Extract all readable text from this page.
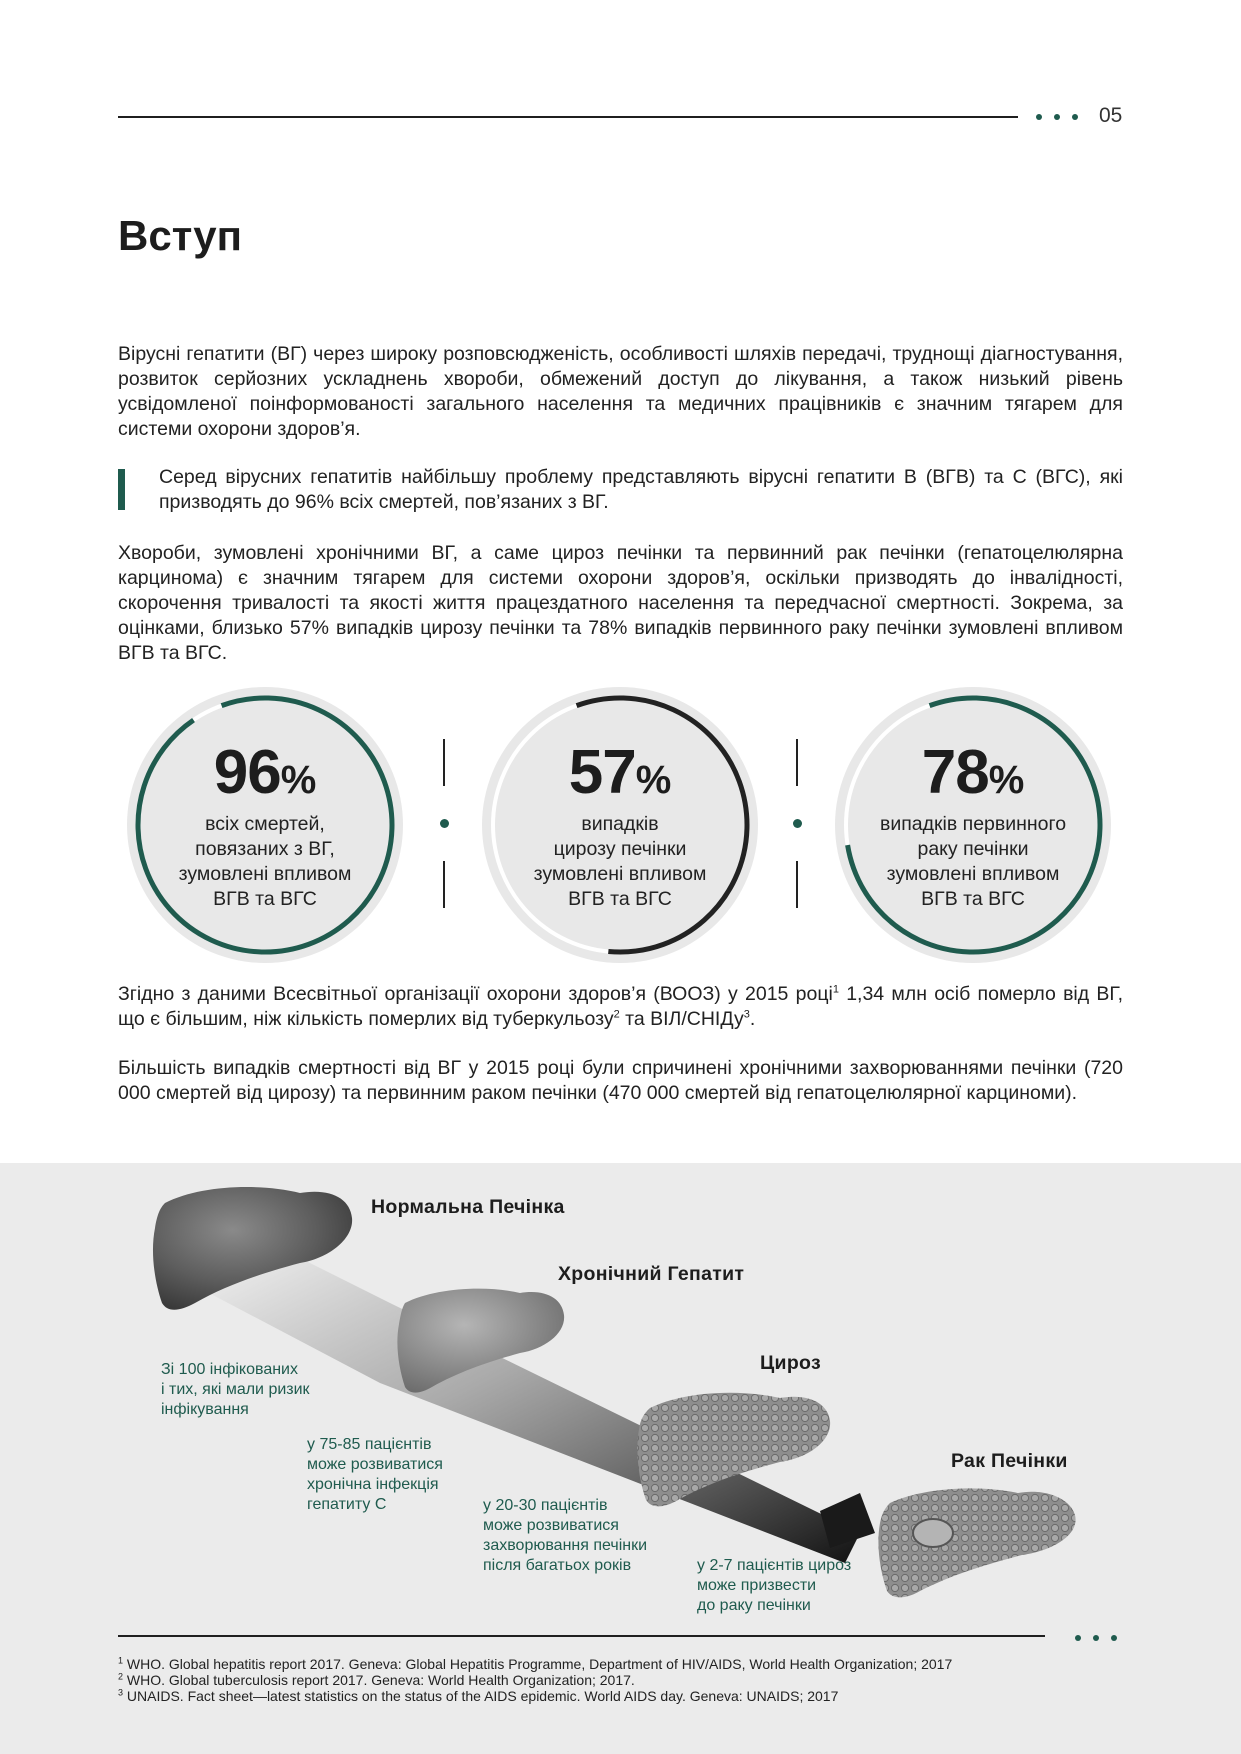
05
Вступ

Вірусні гепатити (ВГ) через широку розповсюдженість, особливості шляхів передачі, труднощі діагностування, розвиток серйозних ускладнень хвороби, обмежений доступ до лікування, а також низький рівень усвідомленої поінформованості загального населення та медичних працівників є значним тягарем для системи охорони здоров’я.

Серед вірусних гепатитів найбільшу проблему представляють вірусні гепатити В (ВГВ) та С (ВГС), які призводять до 96% всіх смертей, пов’язаних з ВГ.

Хвороби, зумовлені хронічними ВГ, а саме цироз печінки та первинний рак печінки (гепатоцелюлярна карцинома) є значним тягарем для системи охорони здоров’я, оскільки призводять до інвалідності, скорочення тривалості та якості життя працездатного населення та передчасної смертності. Зокрема, за оцінками, близько 57% випадків цирозу печінки та 78% випадків первинного раку печінки зумовлені впливом ВГВ та ВГС.

96%
всіх смертей,
повязаних з ВГ,
зумовлені впливом
ВГВ та ВГС
57%
випадків
цирозу печінки
зумовлені впливом
ВГВ та ВГС
78%
випадків первинного
раку печінки
зумовлені впливом
ВГВ та ВГС

Згідно з даними Всесвітньої організації охорони здоров’я (ВООЗ) у 2015 році$^1$ 1,34 млн осіб померло від ВГ, що є більшим, ніж кількість померлих від туберкульозу$^2$ та ВІЛ/СНІДу$^3$.

Більшість випадків смертності від ВГ у 2015 році були спричинені хронічними захворюваннями печінки (720 000 смертей від цирозу) та первинним раком печінки (470 000 смертей від гепатоцелюлярної карциноми).

Нормальна Печінка
Хронічний Гепатит
Цироз
Рак Печінки
Зі 100 інфікованих
і тих, які мали ризик
інфікування
у 75-85 пацієнтів
може розвиватися
хронічна інфекція
гепатиту С	у 20-30 пацієнтів
може розвиватися
захворювання печінки
після багатьох років	у 2-7 пацієнтів цироз
може призвести
до раку печінки
$^1$ WHO. Global hepatitis report 2017. Geneva: Global Hepatitis Programme, Department of HIV/AIDS, World Health Organization; 2017
$^2$ WHO. Global tuberculosis report 2017. Geneva: World Health Organization; 2017.
$^3$ UNAIDS. Fact sheet—latest statistics on the status of the AIDS epidemic. World AIDS day. Geneva: UNAIDS; 2017
